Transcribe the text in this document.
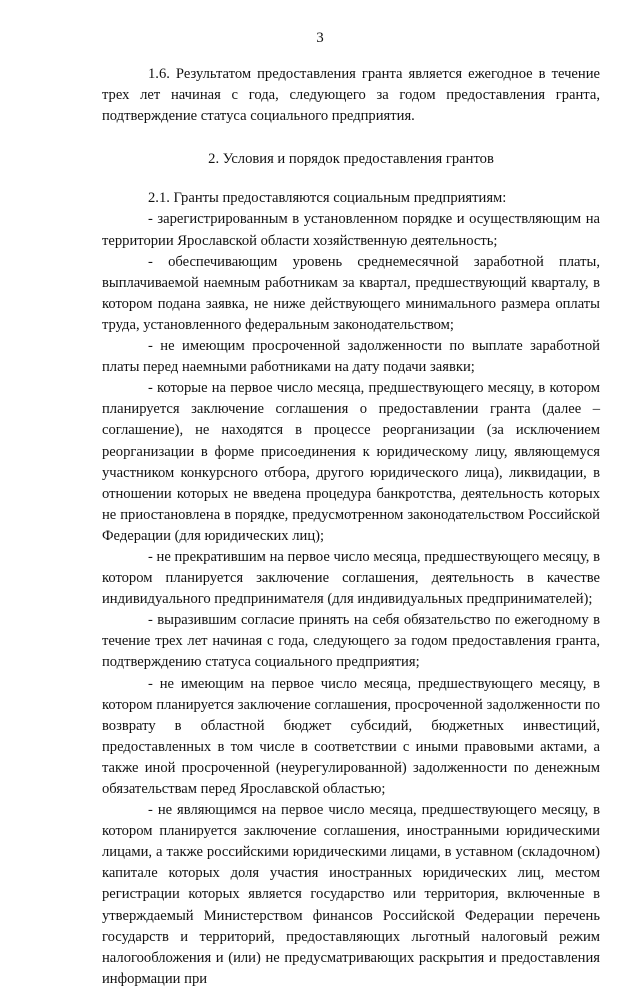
3

1.6. Результатом предоставления гранта является ежегодное в течение трех лет начиная с года, следующего за годом предоставления гранта, подтверждение статуса социального предприятия.

2. Условия и порядок предоставления грантов

2.1. Гранты предоставляются социальным предприятиям:

- зарегистрированным в установленном порядке и осуществляющим на территории Ярославской области хозяйственную деятельность;

- обеспечивающим уровень среднемесячной заработной платы, выплачиваемой наемным работникам за квартал, предшествующий кварталу, в котором подана заявка, не ниже действующего минимального размера оплаты труда, установленного федеральным законодательством;

- не имеющим просроченной задолженности по выплате заработной платы перед наемными работниками на дату подачи заявки;

- которые на первое число месяца, предшествующего месяцу, в котором планируется заключение соглашения о предоставлении гранта (далее – соглашение), не находятся в процессе реорганизации (за исключением реорганизации в форме присоединения к юридическому лицу, являющемуся участником конкурсного отбора, другого юридического лица), ликвидации, в отношении которых не введена процедура банкротства, деятельность которых не приостановлена в порядке, предусмотренном законодательством Российской Федерации (для юридических лиц);

- не прекратившим на первое число месяца, предшествующего месяцу, в котором планируется заключение соглашения, деятельность в качестве индивидуального предпринимателя (для индивидуальных предпринимателей);

- выразившим согласие принять на себя обязательство по ежегодному в течение трех лет начиная с года, следующего за годом предоставления гранта, подтверждению статуса социального предприятия;

- не имеющим на первое число месяца, предшествующего месяцу, в котором планируется заключение соглашения, просроченной задолженности по возврату в областной бюджет субсидий, бюджетных инвестиций, предоставленных в том числе в соответствии с иными правовыми актами, а также иной просроченной (неурегулированной) задолженности по денежным обязательствам перед Ярославской областью;

- не являющимся на первое число месяца, предшествующего месяцу, в котором планируется заключение соглашения, иностранными юридическими лицами, а также российскими юридическими лицами, в уставном (складочном) капитале которых доля участия иностранных юридических лиц, местом регистрации которых является государство или территория, включенные в утверждаемый Министерством финансов Российской Федерации перечень государств и территорий, предоставляющих льготный налоговый режим налогообложения и (или) не предусматривающих раскрытия и предоставления информации при
